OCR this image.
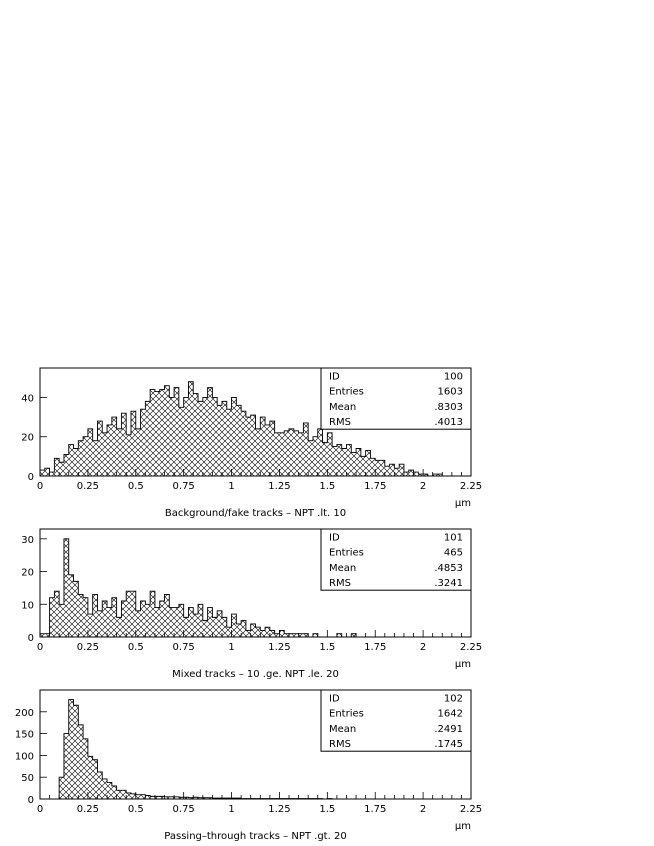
0	0.25	0.5	0.75	1	1.25	1.5	1.75	2	2.25
0
20
40
μm
Background/fake tracks – NPT .lt. 10
ID	100
Entries	1603
Mean	.8303
RMS	.4013
0	0.25	0.5	0.75	1	1.25	1.5	1.75	2	2.25
0
10
20
30
μm
Mixed tracks – 10 .ge. NPT .le. 20
ID	101
Entries	465
Mean	.4853
RMS	.3241
0	0.25	0.5	0.75	1	1.25	1.5	1.75	2	2.25
0
50
100
150
200
μm
Passing–through tracks – NPT .gt. 20
ID	102
Entries	1642
Mean	.2491
RMS	.1745
